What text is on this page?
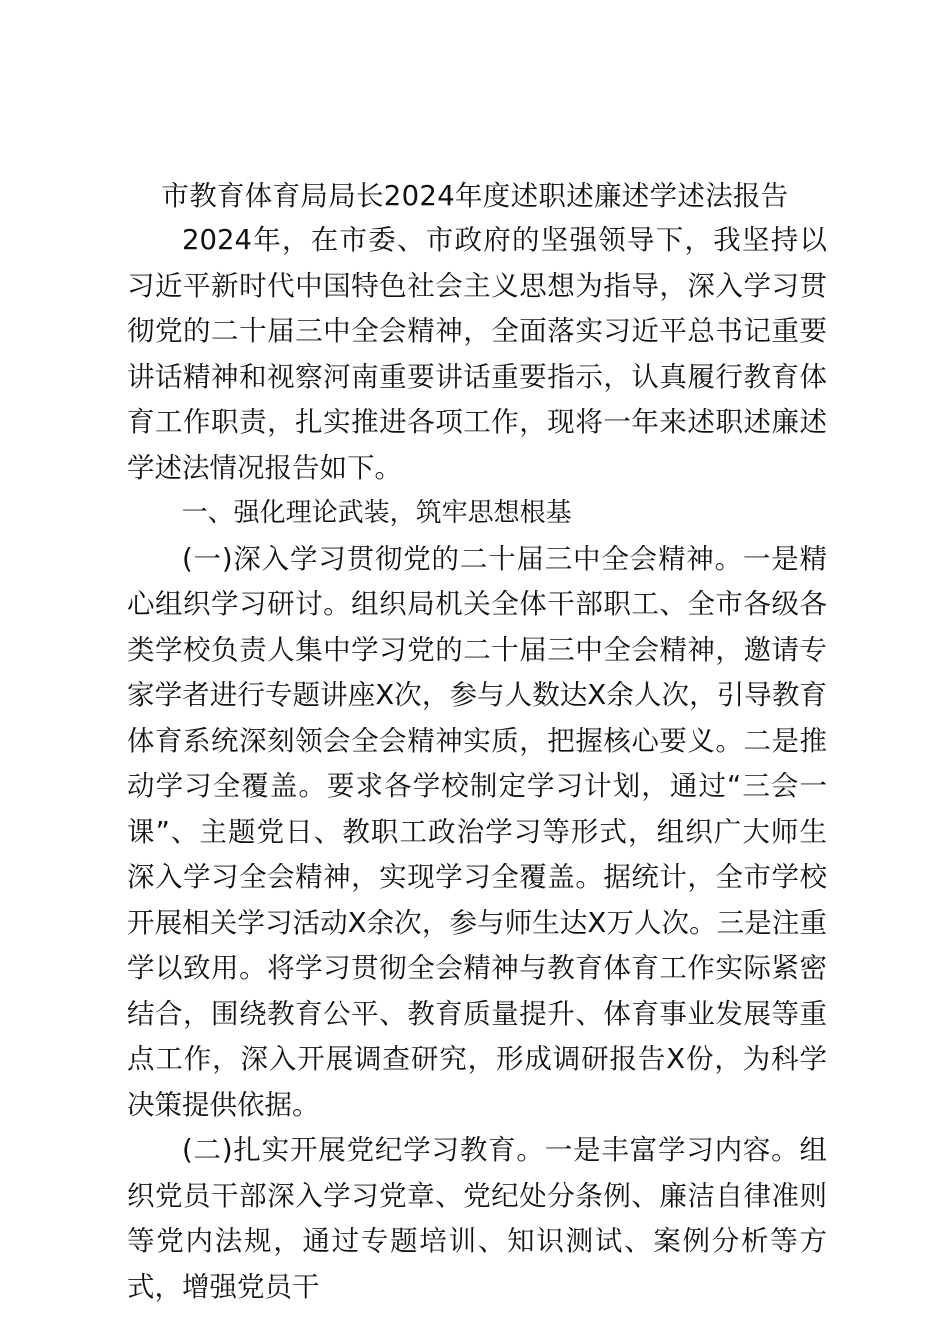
市教育体育局局长2024年度述职述廉述学述法报告

2024年，在市委、市政府的坚强领导下，我坚持以习近平新时代中国特色社会主义思想为指导，深入学习贯彻党的二十届三中全会精神，全面落实习近平总书记重要讲话精神和视察河南重要讲话重要指示，认真履行教育体育工作职责，扎实推进各项工作，现将一年来述职述廉述学述法情况报告如下。

一、强化理论武装，筑牢思想根基

(一)深入学习贯彻党的二十届三中全会精神。一是精心组织学习研讨。组织局机关全体干部职工、全市各级各类学校负责人集中学习党的二十届三中全会精神，邀请专家学者进行专题讲座X次，参与人数达X余人次，引导教育体育系统深刻领会全会精神实质，把握核心要义。二是推动学习全覆盖。要求各学校制定学习计划，通过“三会一课”、主题党日、教职工政治学习等形式，组织广大师生深入学习全会精神，实现学习全覆盖。据统计，全市学校开展相关学习活动X余次，参与师生达X万人次。三是注重学以致用。将学习贯彻全会精神与教育体育工作实际紧密结合，围绕教育公平、教育质量提升、体育事业发展等重点工作，深入开展调查研究，形成调研报告X份，为科学决策提供依据。

(二)扎实开展党纪学习教育。一是丰富学习内容。组织党员干部深入学习党章、党纪处分条例、廉洁自律准则等党内法规，通过专题培训、知识测试、案例分析等方式，增强党员干
